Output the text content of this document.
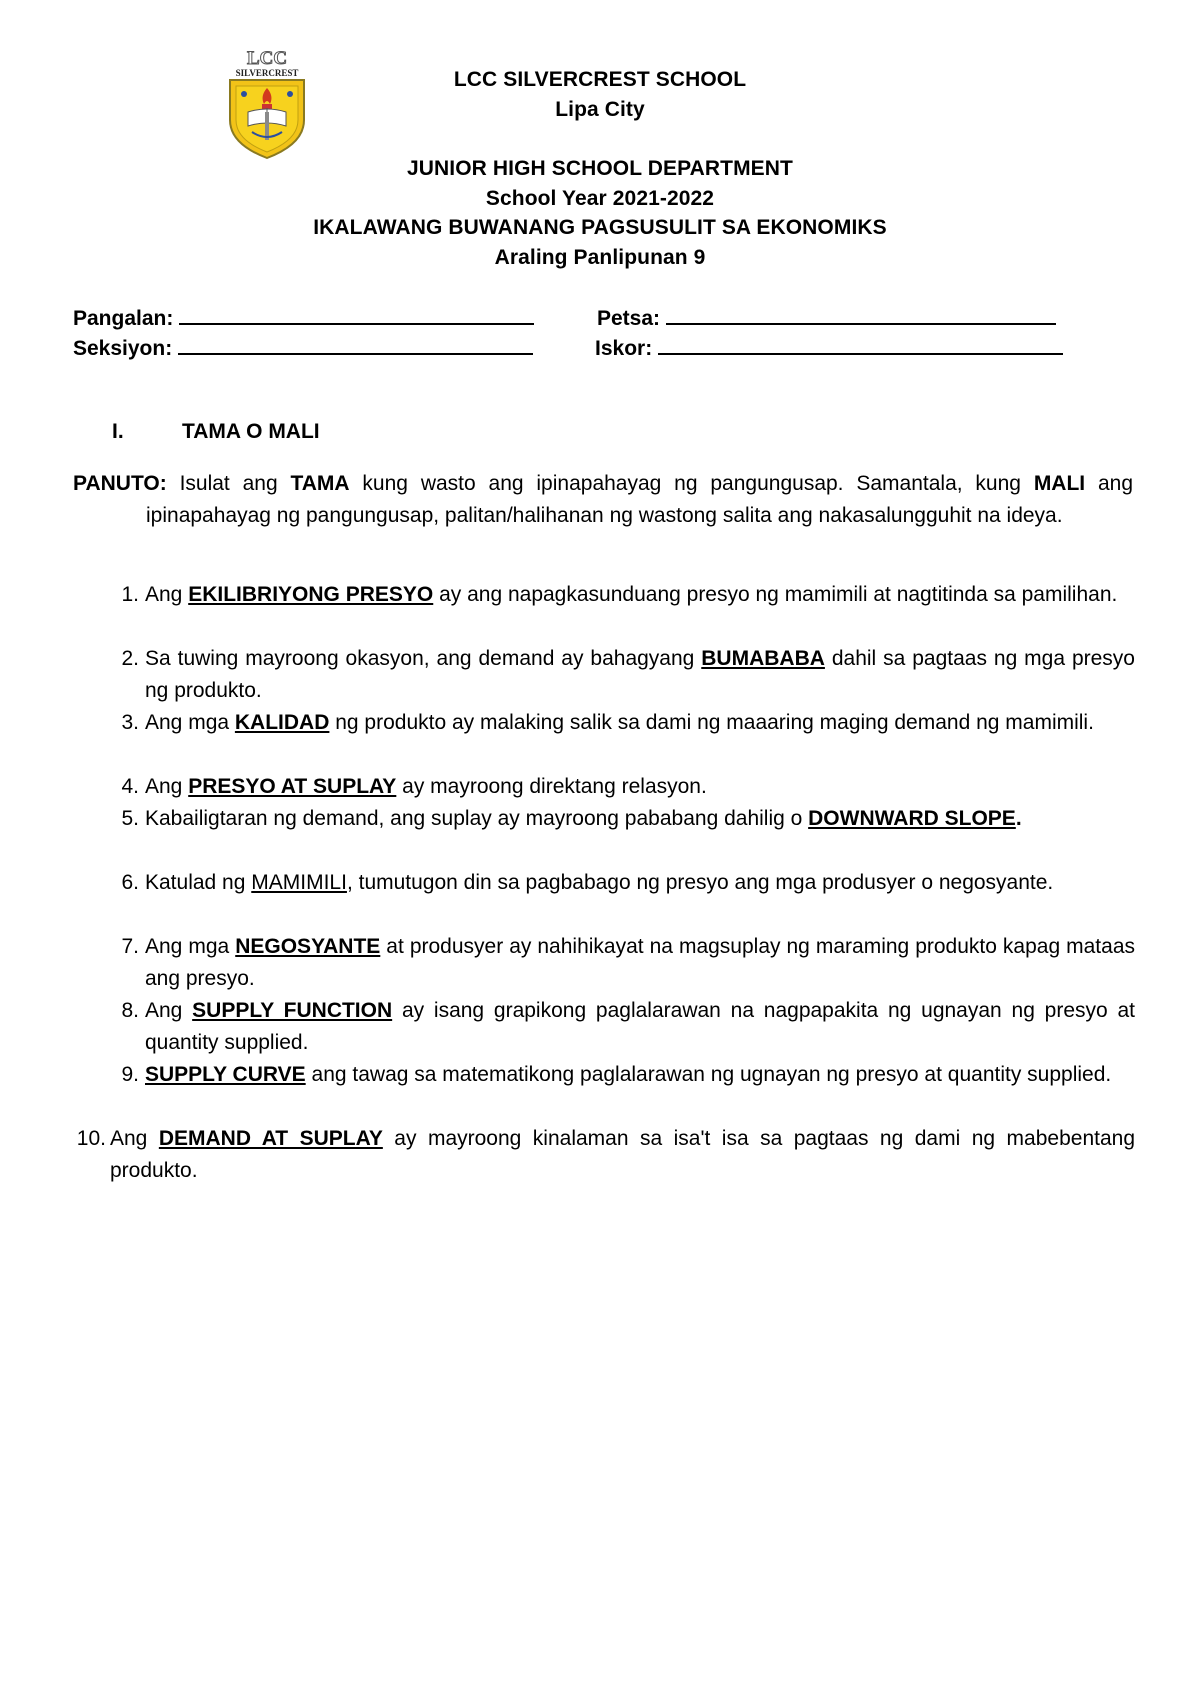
LCC
SILVERCREST	LCC SILVERCREST SCHOOL
Lipa City
JUNIOR HIGH SCHOOL DEPARTMENT
School Year 2021-2022
IKALAWANG BUWANANG PAGSUSULIT SA EKONOMIKS
Araling Panlipunan 9
Pangalan:	Petsa:
Seksiyon:	Iskor:
I.	TAMA O MALI
PANUTO: Isulat ang TAMA kung wasto ang ipinapahayag ng pangungusap. Samantala, kung MALI ang ipinapahayag ng pangungusap, palitan/halihanan ng wastong salita ang nakasalungguhit na ideya.
1. Ang EKILIBRIYONG PRESYO ay ang napagkasunduang presyo ng mamimili at nagtitinda sa pamilihan.
2. Sa tuwing mayroong okasyon, ang demand ay bahagyang BUMABABA dahil sa pagtaas ng mga presyo ng produkto.
3. Ang mga KALIDAD ng produkto ay malaking salik sa dami ng maaaring maging demand ng mamimili.
4. Ang PRESYO AT SUPLAY ay mayroong direktang relasyon.
5. Kabailigtaran ng demand, ang suplay ay mayroong pababang dahilig o DOWNWARD SLOPE.
6. Katulad ng MAMIMILI, tumutugon din sa pagbabago ng presyo ang mga produsyer o negosyante.
7. Ang mga NEGOSYANTE at produsyer ay nahihikayat na magsuplay ng maraming produkto kapag mataas ang presyo.
8. Ang SUPPLY FUNCTION ay isang grapikong paglalarawan na nagpapakita ng ugnayan ng presyo at quantity supplied.
9. SUPPLY CURVE ang tawag sa matematikong paglalarawan ng ugnayan ng presyo at quantity supplied.
10. Ang DEMAND AT SUPLAY ay mayroong kinalaman sa isa't isa sa pagtaas ng dami ng mabebentang produkto.
